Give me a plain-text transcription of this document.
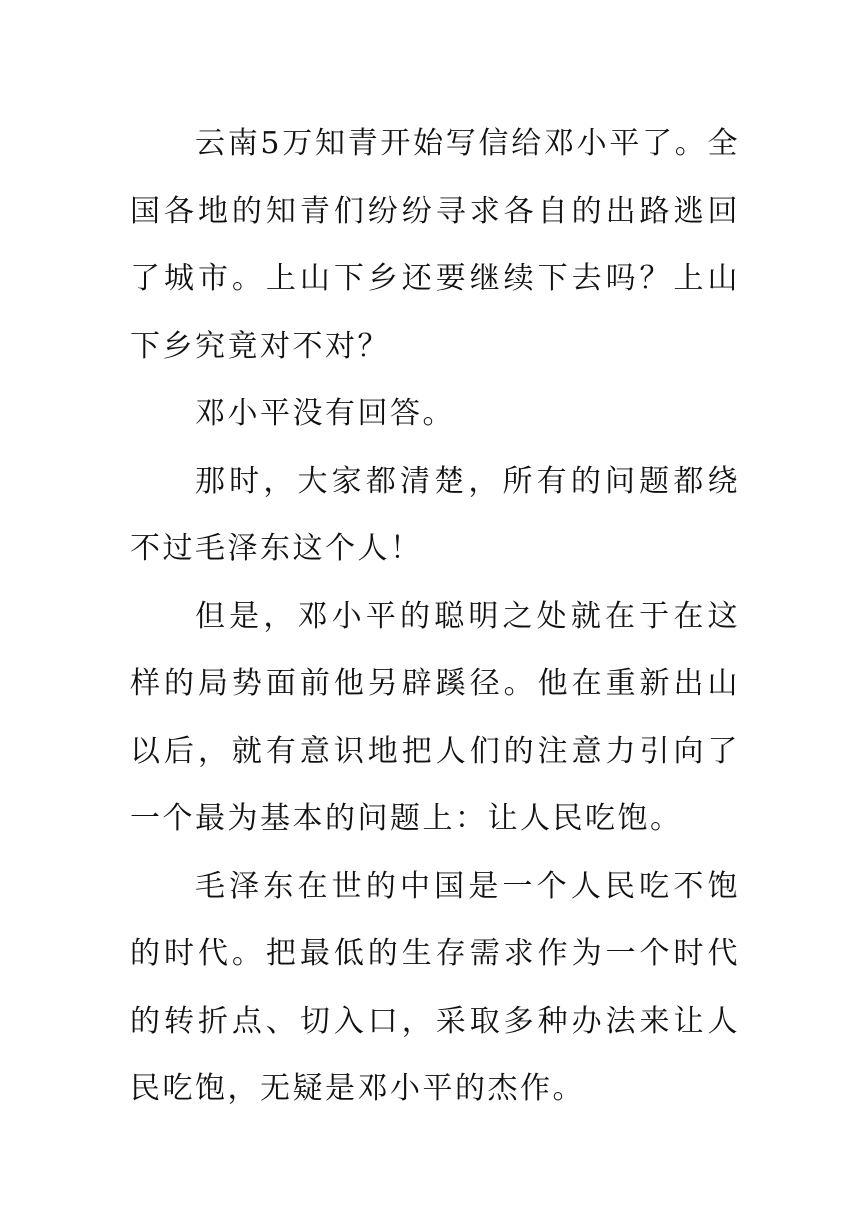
云南5万知青开始写信给邓小平了。全国各地的知青们纷纷寻求各自的出路逃回了城市。上山下乡还要继续下去吗？上山下乡究竟对不对？

邓小平没有回答。

那时，大家都清楚，所有的问题都绕不过毛泽东这个人！

但是，邓小平的聪明之处就在于在这样的局势面前他另辟蹊径。他在重新出山以后，就有意识地把人们的注意力引向了一个最为基本的问题上：让人民吃饱。

毛泽东在世的中国是一个人民吃不饱的时代。把最低的生存需求作为一个时代的转折点、切入口，采取多种办法来让人民吃饱，无疑是邓小平的杰作。
